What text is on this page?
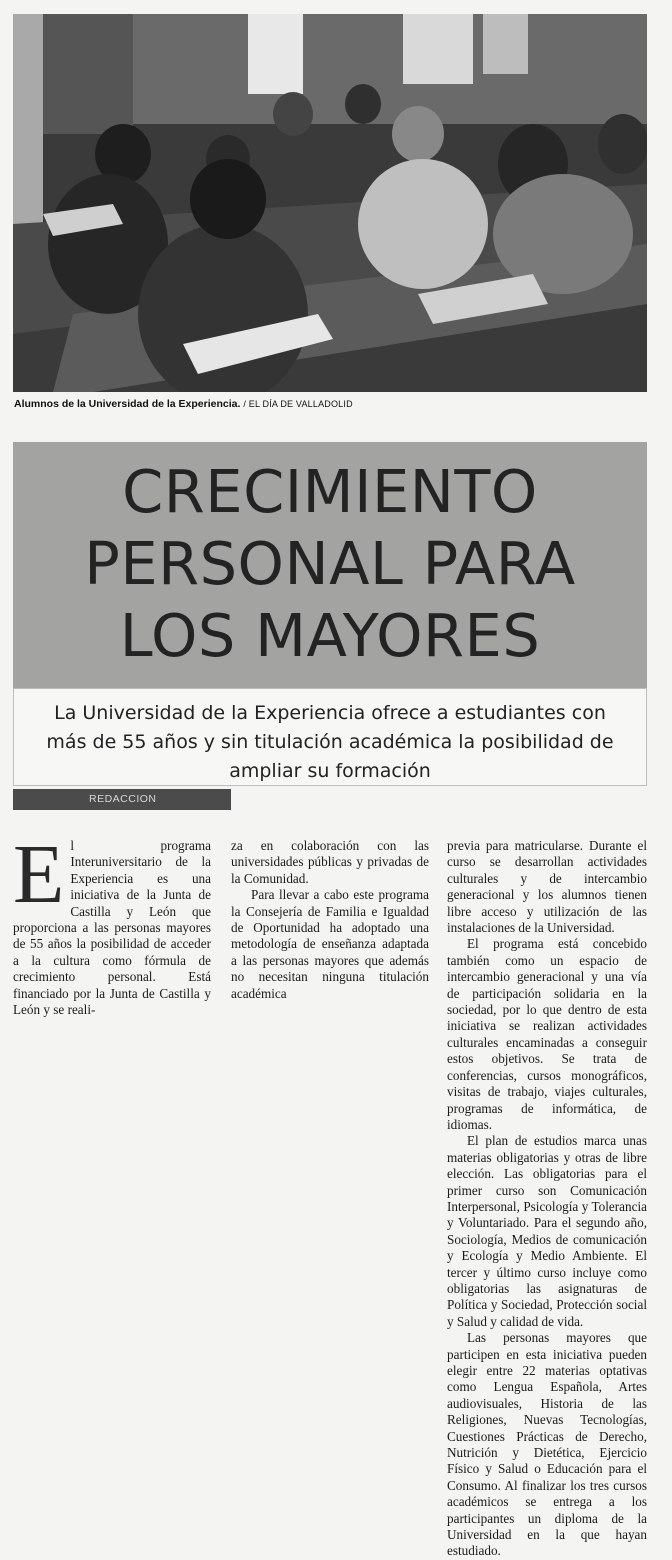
Alumnos de la Universidad de la Experiencia. / EL DÍA DE VALLADOLID
CRECIMIENTO
PERSONAL PARA
LOS MAYORES

La Universidad de la Experiencia ofrece a estudiantes con más de 55 años y sin titulación académica la posibilidad de ampliar su formación

REDACCION
E l programa Interuniversitario de la Experiencia es una iniciativa de la Junta de Castilla y León que proporciona a las personas mayores de 55 años la posibilidad de acceder a la cultura como fórmula de crecimiento personal. Está financiado por la Junta de Castilla y León y se reali-

za en colaboración con las universidades públicas y privadas de la Comunidad.

Para llevar a cabo este programa la Consejería de Familia e Igualdad de Oportunidad ha adoptado una metodología de enseñanza adaptada a las personas mayores que además no necesitan ninguna titulación académica

previa para matricularse. Durante el curso se desarrollan actividades culturales y de intercambio generacional y los alumnos tienen libre acceso y utilización de las instalaciones de la Universidad.

El programa está concebido también como un espacio de intercambio generacional y una vía de participación solidaria en la sociedad, por lo que dentro de esta iniciativa se realizan actividades culturales encaminadas a conseguir estos objetivos. Se trata de conferencias, cursos monográficos, visitas de trabajo, viajes culturales, programas de informática, de idiomas.

El plan de estudios marca unas materias obligatorias y otras de libre elección. Las obligatorias para el primer curso son Comunicación Interpersonal, Psicología y Tolerancia y Voluntariado. Para el segundo año, Sociología, Medios de comunicación y Ecología y Medio Ambiente. El tercer y último curso incluye como obligatorias las asignaturas de Política y Sociedad, Protección social y Salud y calidad de vida.

Las personas mayores que participen en esta iniciativa pueden elegir entre 22 materias optativas como Lengua Española, Artes audiovisuales, Historia de las Religiones, Nuevas Tecnologías, Cuestiones Prácticas de Derecho, Nutrición y Dietética, Ejercicio Físico y Salud o Educación para el Consumo. Al finalizar los tres cursos académicos se entrega a los participantes un diploma de la Universidad en la que hayan estudiado.
